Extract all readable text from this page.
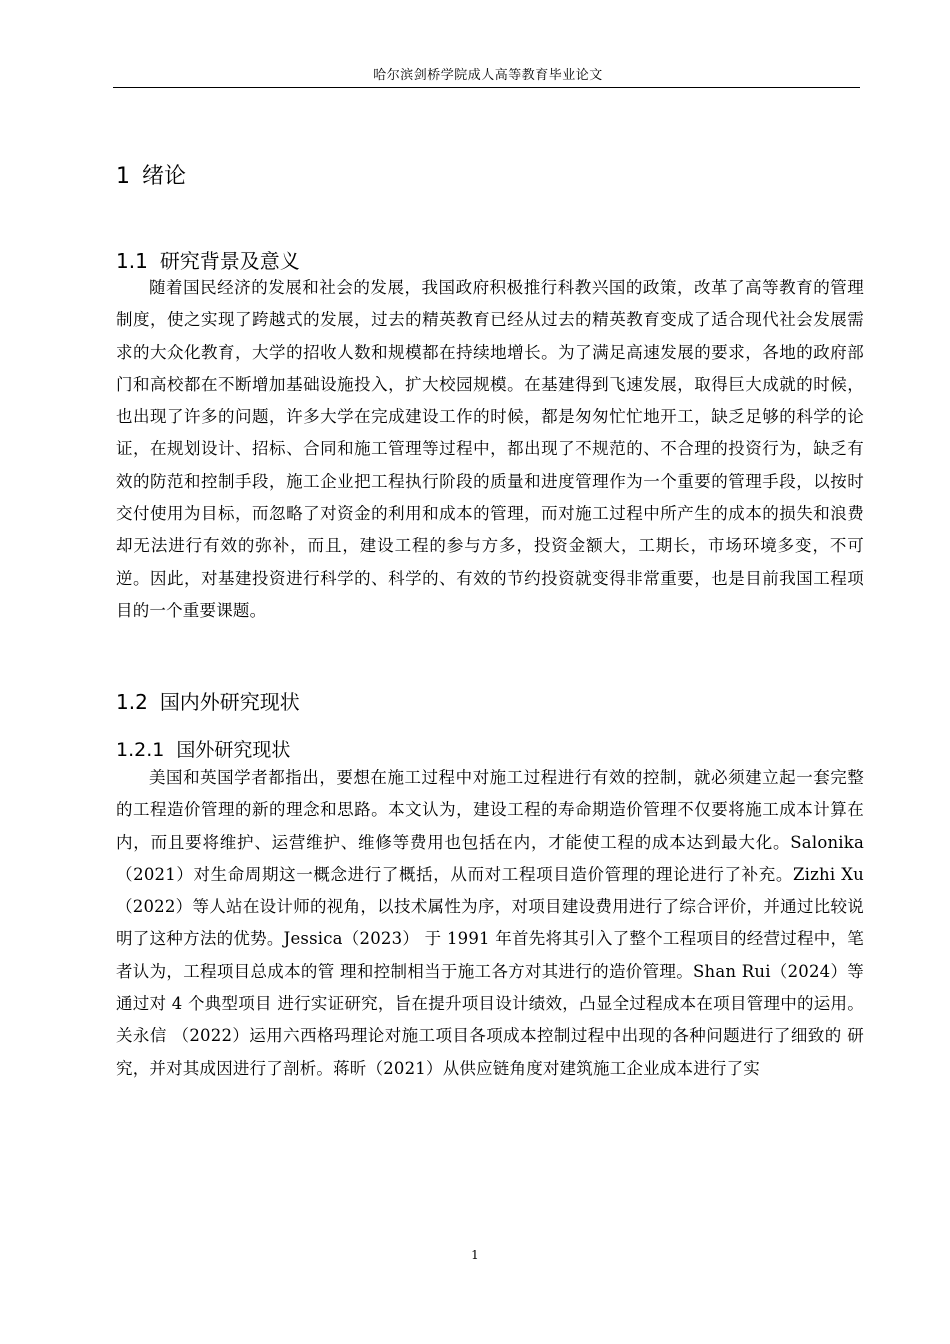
哈尔滨剑桥学院成人高等教育毕业论文
1 绪论
1.1 研究背景及意义

随着国民经济的发展和社会的发展，我国政府积极推行科教兴国的政策，改革了高等教育的管理制度，使之实现了跨越式的发展，过去的精英教育已经从过去的精英教育变成了适合现代社会发展需求的大众化教育，大学的招收人数和规模都在持续地增长。为了满足高速发展的要求，各地的政府部门和高校都在不断增加基础设施投入，扩大校园规模。在基建得到飞速发展，取得巨大成就的时候，也出现了许多的问题，许多大学在完成建设工作的时候，都是匆匆忙忙地开工，缺乏足够的科学的论证，在规划设计、招标、合同和施工管理等过程中，都出现了不规范的、不合理的投资行为，缺乏有效的防范和控制手段，施工企业把工程执行阶段的质量和进度管理作为一个重要的管理手段，以按时交付使用为目标，而忽略了对资金的利用和成本的管理，而对施工过程中所产生的成本的损失和浪费却无法进行有效的弥补，而且，建设工程的参与方多，投资金额大，工期长，市场环境多变，不可逆。因此，对基建投资进行科学的、科学的、有效的节约投资就变得非常重要，也是目前我国工程项目的一个重要课题。

1.2 国内外研究现状
1.2.1 国外研究现状

美国和英国学者都指出，要想在施工过程中对施工过程进行有效的控制，就必须建立起一套完整的工程造价管理的新的理念和思路。本文认为，建设工程的寿命期造价管理不仅要将施工成本计算在内，而且要将维护、运营维护、维修等费用也包括在内，才能使工程的成本达到最大化。Salonika（2021）对生命周期这一概念进行了概括，从而对工程项目造价管理的理论进行了补充。Zizhi Xu（2022）等人站在设计师的视角，以技术属性为序，对项目建设费用进行了综合评价，并通过比较说明了这种方法的优势。Jessica（2023） 于 1991 年首先将其引入了整个工程项目的经营过程中，笔者认为，工程项目总成本的管 理和控制相当于施工各方对其进行的造价管理。Shan Rui（2024）等通过对 4 个典型项目 进行实证研究，旨在提升项目设计绩效，凸显全过程成本在项目管理中的运用。关永信 （2022）运用六西格玛理论对施工项目各项成本控制过程中出现的各种问题进行了细致的 研究，并对其成因进行了剖析。蒋昕（2021）从供应链角度对建筑施工企业成本进行了实

1
